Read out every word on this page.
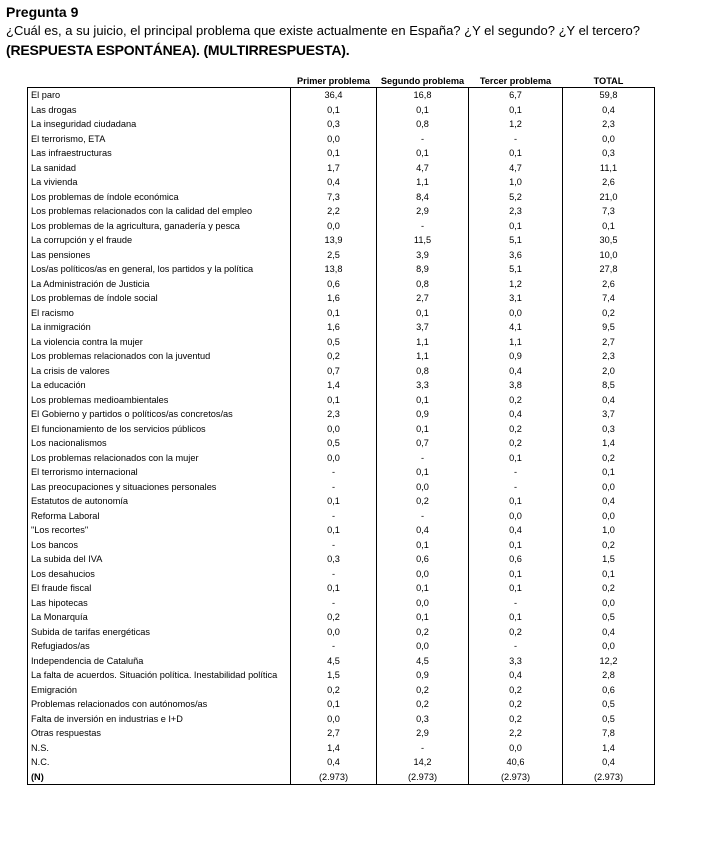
Pregunta 9
¿Cuál es, a su juicio, el principal problema que existe actualmente en España? ¿Y el segundo? ¿Y el tercero?
(RESPUESTA ESPONTÁNEA). (MULTIRRESPUESTA).
	Primer problema	Segundo problema	Tercer problema	TOTAL
El paro	36,4	16,8	6,7	59,8
Las drogas	0,1	0,1	0,1	0,4
La inseguridad ciudadana	0,3	0,8	1,2	2,3
El terrorismo, ETA	0,0	-	-	0,0
Las infraestructuras	0,1	0,1	0,1	0,3
La sanidad	1,7	4,7	4,7	11,1
La vivienda	0,4	1,1	1,0	2,6
Los problemas de índole económica	7,3	8,4	5,2	21,0
Los problemas relacionados con la calidad del empleo	2,2	2,9	2,3	7,3
Los problemas de la agricultura, ganadería y pesca	0,0	-	0,1	0,1
La corrupción y el fraude	13,9	11,5	5,1	30,5
Las pensiones	2,5	3,9	3,6	10,0
Los/as políticos/as en general, los partidos y la política	13,8	8,9	5,1	27,8
La Administración de Justicia	0,6	0,8	1,2	2,6
Los problemas de índole social	1,6	2,7	3,1	7,4
El racismo	0,1	0,1	0,0	0,2
La inmigración	1,6	3,7	4,1	9,5
La violencia contra la mujer	0,5	1,1	1,1	2,7
Los problemas relacionados con la juventud	0,2	1,1	0,9	2,3
La crisis de valores	0,7	0,8	0,4	2,0
La educación	1,4	3,3	3,8	8,5
Los problemas medioambientales	0,1	0,1	0,2	0,4
El Gobierno y partidos o políticos/as concretos/as	2,3	0,9	0,4	3,7
El funcionamiento de los servicios públicos	0,0	0,1	0,2	0,3
Los nacionalismos	0,5	0,7	0,2	1,4
Los problemas relacionados con la mujer	0,0	-	0,1	0,2
El terrorismo internacional	-	0,1	-	0,1
Las preocupaciones y situaciones personales	-	0,0	-	0,0
Estatutos de autonomía	0,1	0,2	0,1	0,4
Reforma Laboral	-	-	0,0	0,0
"Los recortes"	0,1	0,4	0,4	1,0
Los bancos	-	0,1	0,1	0,2
La subida del IVA	0,3	0,6	0,6	1,5
Los desahucios	-	0,0	0,1	0,1
El fraude fiscal	0,1	0,1	0,1	0,2
Las hipotecas	-	0,0	-	0,0
La Monarquía	0,2	0,1	0,1	0,5
Subida de tarifas energéticas	0,0	0,2	0,2	0,4
Refugiados/as	-	0,0	-	0,0
Independencia de Cataluña	4,5	4,5	3,3	12,2
La falta de acuerdos. Situación política. Inestabilidad política	1,5	0,9	0,4	2,8
Emigración	0,2	0,2	0,2	0,6
Problemas relacionados con autónomos/as	0,1	0,2	0,2	0,5
Falta de inversión en industrias e I+D	0,0	0,3	0,2	0,5
Otras respuestas	2,7	2,9	2,2	7,8
N.S.	1,4	-	0,0	1,4
N.C.	0,4	14,2	40,6	0,4
(N)	(2.973)	(2.973)	(2.973)	(2.973)
